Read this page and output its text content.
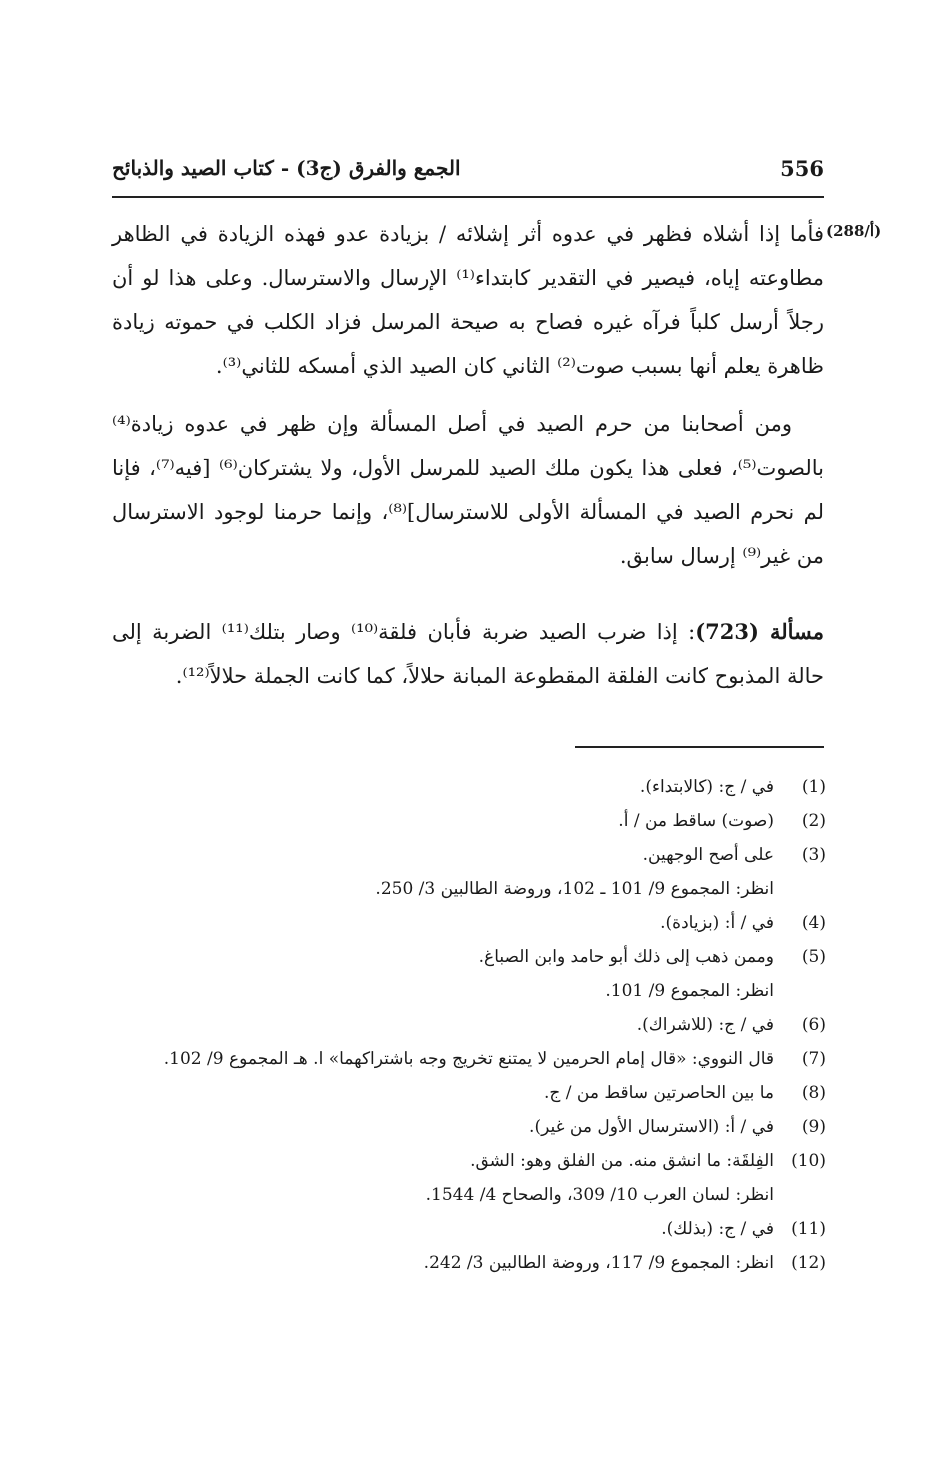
556
الجمع والفرق (ج3) - كتاب الصيد والذبائح
(288/أ)

فأما إذا أشلاه فظهر في عدوه أثر إشلائه / بزيادة عدو فهذه الزيادة في الظاهر مطاوعته إياه، فيصير في التقدير كابتداء⁽¹⁾ الإرسال والاسترسال. وعلى هذا لو أن رجلاً أرسل كلباً فرآه غيره فصاح به صيحة المرسل فزاد الكلب في حموته زيادة ظاهرة يعلم أنها بسبب صوت⁽²⁾ الثاني كان الصيد الذي أمسكه للثاني⁽³⁾.

ومن أصحابنا من حرم الصيد في أصل المسألة وإن ظهر في عدوه زيادة⁽⁴⁾ بالصوت⁽⁵⁾، فعلى هذا يكون ملك الصيد للمرسل الأول، ولا يشتركان⁽⁶⁾ [فيه⁽⁷⁾، فإنا لم نحرم الصيد في المسألة الأولى للاسترسال]⁽⁸⁾، وإنما حرمنا لوجود الاسترسال من غير⁽⁹⁾ إرسال سابق.

مسألة (723): إذا ضرب الصيد ضربة فأبان فلقة⁽¹⁰⁾ وصار بتلك⁽¹¹⁾ الضربة إلى حالة المذبوح كانت الفلقة المقطوعة المبانة حلالاً، كما كانت الجملة حلالاً⁽¹²⁾.

(1)
في / ج: (كالابتداء).
(2)
(صوت) ساقط من / أ.
(3)
على أصح الوجهين.
انظر: المجموع 9/ 101 ـ 102، وروضة الطالبين 3/ 250.
(4)
في / أ: (بزيادة).
(5)
وممن ذهب إلى ذلك أبو حامد وابن الصباغ.
انظر: المجموع 9/ 101.
(6)
في / ج: (للاشراك).
(7)
قال النووي: «قال إمام الحرمين لا يمتنع تخريج وجه باشتراكهما» ا. هـ المجموع 9/ 102.
(8)
ما بين الحاصرتين ساقط من / ج.
(9)
في / أ: (الاسترسال الأول من غير).
(10)
الفِلقَة: ما انشق منه. من الفلق وهو: الشق.
انظر: لسان العرب 10/ 309، والصحاح 4/ 1544.
(11)
في / ج: (بذلك).
(12)
انظر: المجموع 9/ 117، وروضة الطالبين 3/ 242.
